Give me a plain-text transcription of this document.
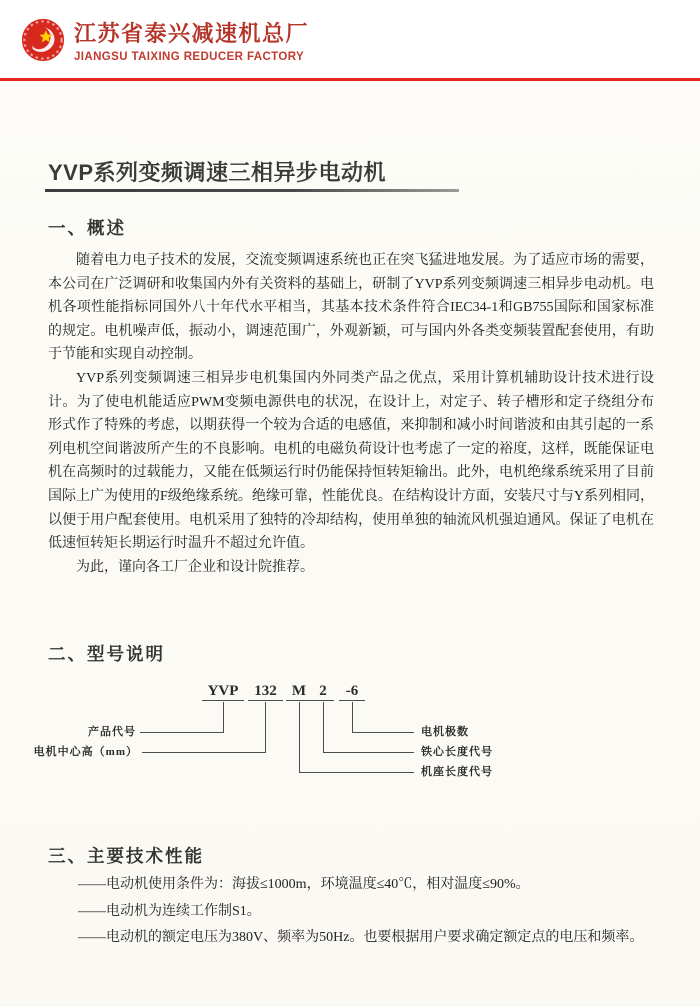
江苏省泰兴减速机总厂
JIANGSU TAIXING REDUCER FACTORY
YVP系列变频调速三相异步电动机
一、概述

随着电力电子技术的发展，交流变频调速系统也正在突飞猛进地发展。为了适应市场的需要，本公司在广泛调研和收集国内外有关资料的基础上，研制了YVP系列变频调速三相异步电动机。电机各项性能指标同国外八十年代水平相当，其基本技术条件符合IEC34-1和GB755国际和国家标准的规定。电机噪声低，振动小，调速范围广，外观新颖，可与国内外各类变频装置配套使用，有助于节能和实现自动控制。

YVP系列变频调速三相异步电机集国内外同类产品之优点，采用计算机辅助设计技术进行设计。为了使电机能适应PWM变频电源供电的状况，在设计上，对定子、转子槽形和定子绕组分布形式作了特殊的考虑，以期获得一个较为合适的电感值，来抑制和减小时间谐波和由其引起的一系列电机空间谐波所产生的不良影响。电机的电磁负荷设计也考虑了一定的裕度，这样，既能保证电机在高频时的过载能力，又能在低频运行时仍能保持恒转矩输出。此外，电机绝缘系统采用了目前国际上广为使用的F级绝缘系统。绝缘可靠，性能优良。在结构设计方面，安装尺寸与Y系列相同，以便于用户配套使用。电机采用了独特的冷却结构，使用单独的轴流风机强迫通风。保证了电机在低速恒转矩长期运行时温升不超过允许值。

为此，谨向各工厂企业和设计院推荐。

二、型号说明
YVP	132	M 2	-6
产品代号
电机中心高（mm）
电机极数
铁心长度代号
机座长度代号
三、主要技术性能

——电动机使用条件为：海拔≤1000m，环境温度≤40℃，相对温度≤90%。

——电动机为连续工作制S1。

——电动机的额定电压为380V、频率为50Hz。也要根据用户要求确定额定点的电压和频率。
